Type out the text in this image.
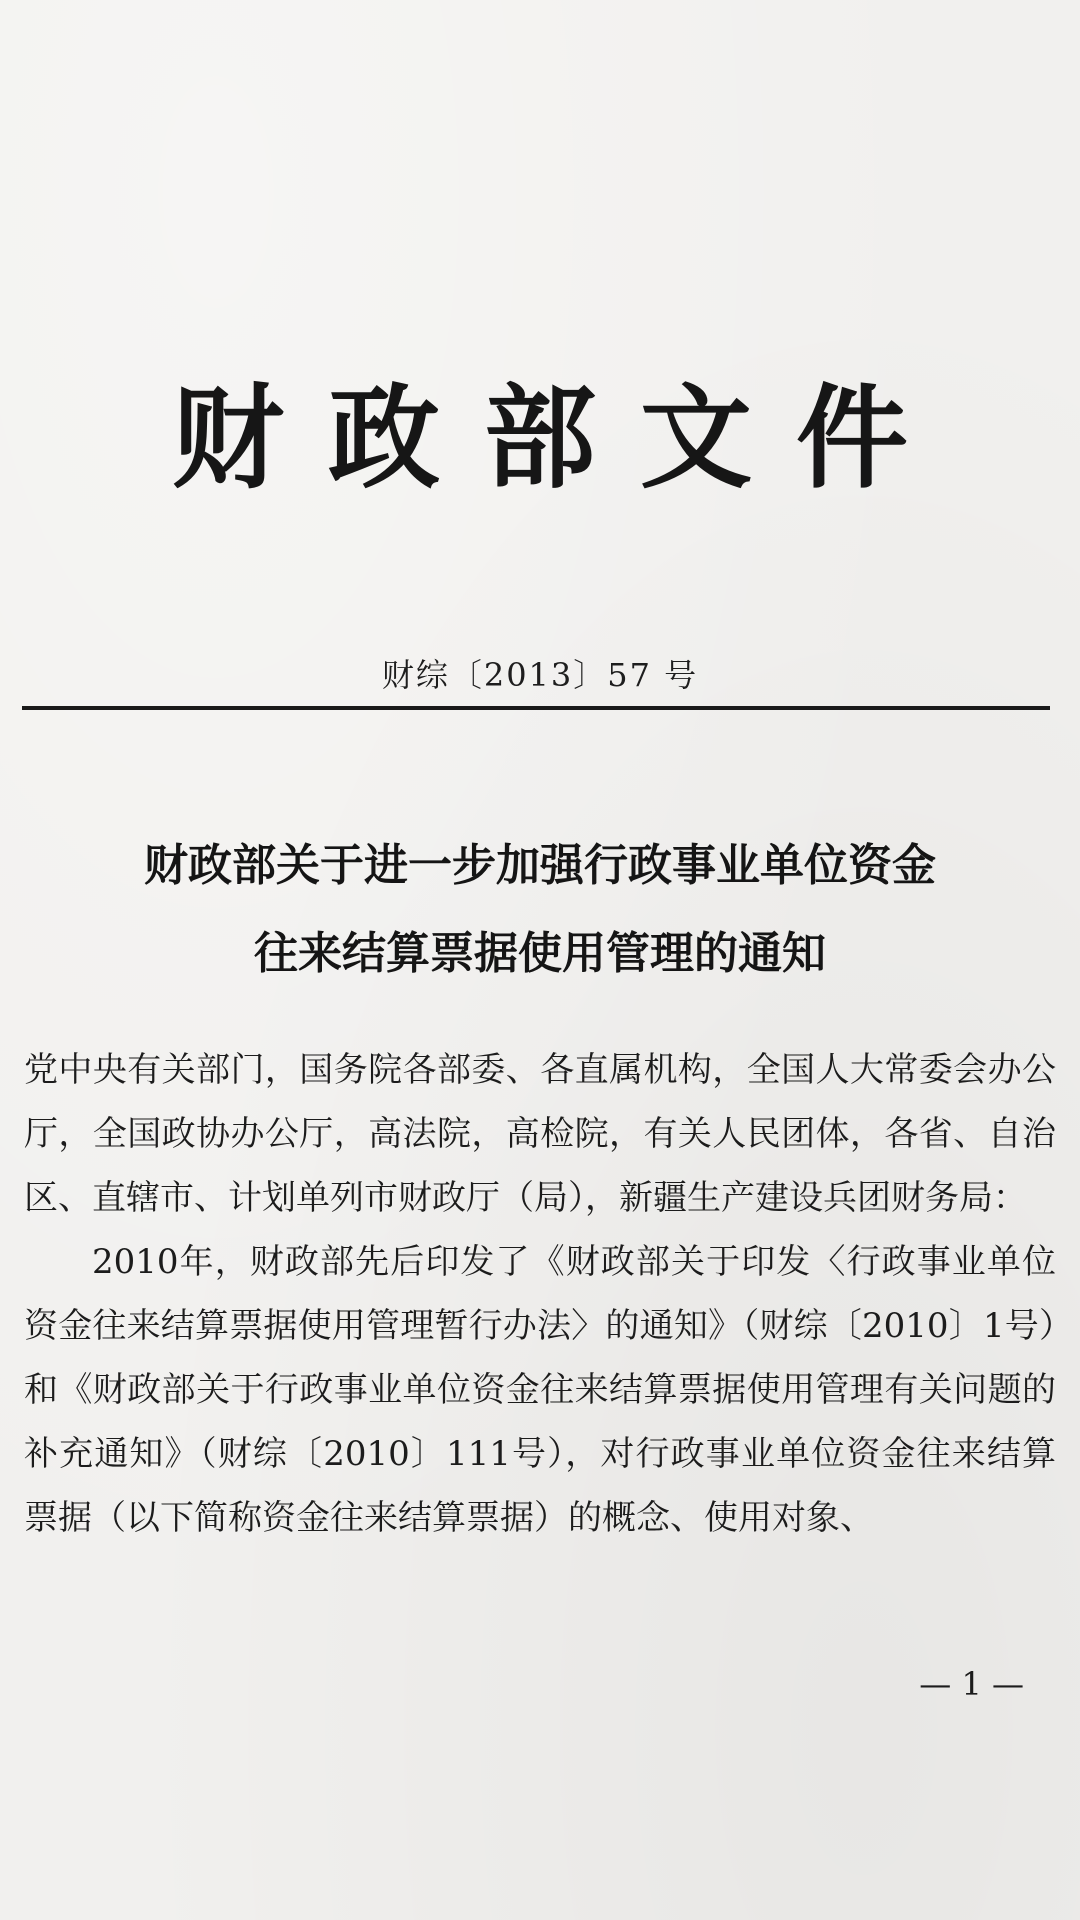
财政部文件
财综〔2013〕57 号
财政部关于进一步加强行政事业单位资金
往来结算票据使用管理的通知

党中央有关部门，国务院各部委、各直属机构，全国人大常委会办公厅，全国政协办公厅，高法院，高检院，有关人民团体，各省、自治区、直辖市、计划单列市财政厅（局），新疆生产建设兵团财务局：

2010年，财政部先后印发了《财政部关于印发〈行政事业单位资金往来结算票据使用管理暂行办法〉的通知》（财综〔2010〕1号）和《财政部关于行政事业单位资金往来结算票据使用管理有关问题的补充通知》（财综〔2010〕111号），对行政事业单位资金往来结算票据（以下简称资金往来结算票据）的概念、使用对象、

— 1 —
